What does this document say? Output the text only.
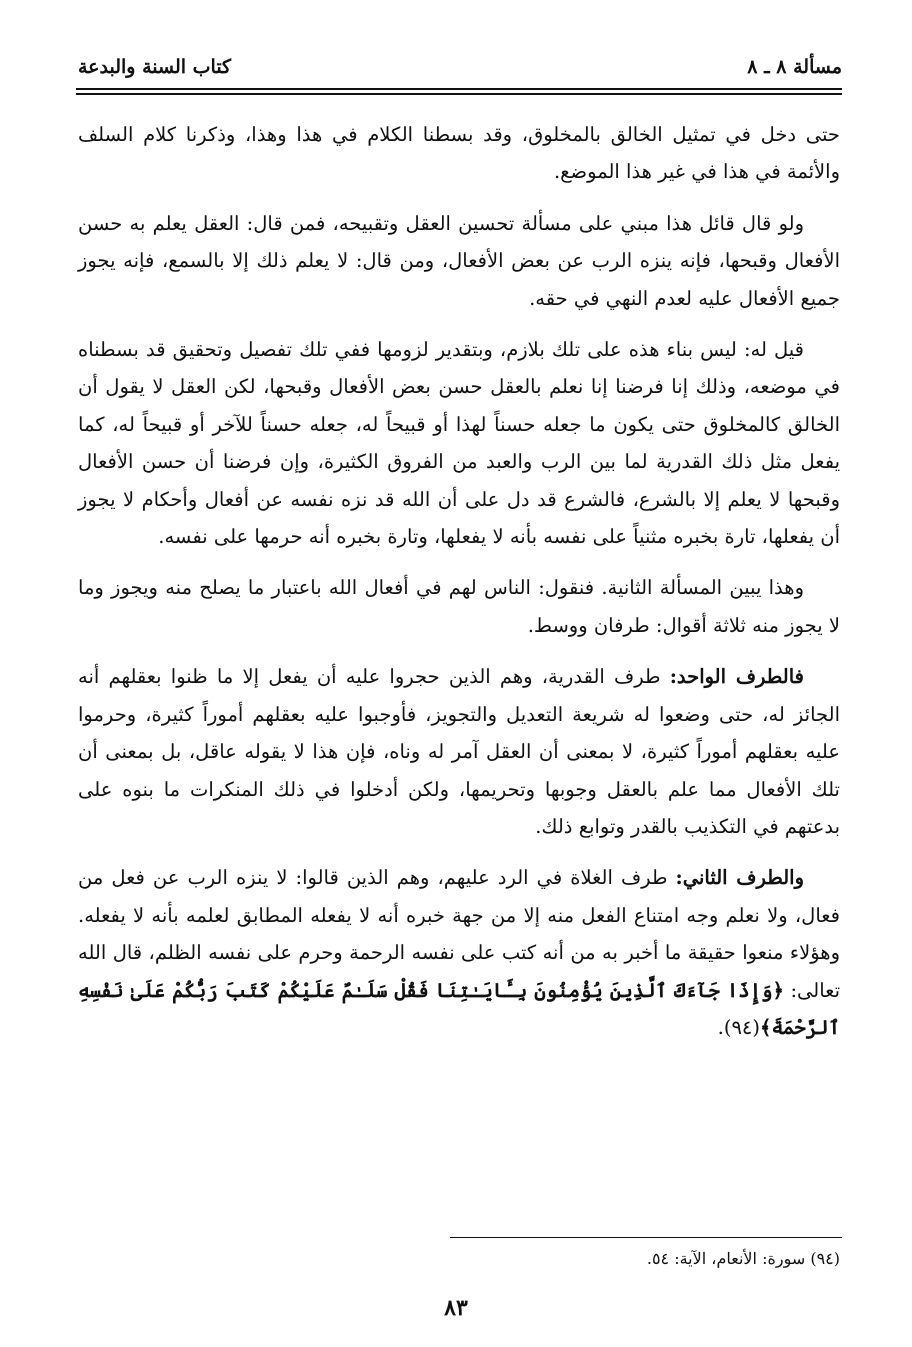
مسألة ٨ ـ ٨
كتاب السنة والبدعة

حتى دخل في تمثيل الخالق بالمخلوق، وقد بسطنا الكلام في هذا وهذا، وذكرنا كلام السلف والأئمة في هذا في غير هذا الموضع.

ولو قال قائل هذا مبني على مسألة تحسين العقل وتقبيحه، فمن قال: العقل يعلم به حسن الأفعال وقبحها، فإنه ينزه الرب عن بعض الأفعال، ومن قال: لا يعلم ذلك إلا بالسمع، فإنه يجوز جميع الأفعال عليه لعدم النهي في حقه.

قيل له: ليس بناء هذه على تلك بلازم، وبتقدير لزومها ففي تلك تفصيل وتحقيق قد بسطناه في موضعه، وذلك إنا فرضنا إنا نعلم بالعقل حسن بعض الأفعال وقبحها، لكن العقل لا يقول أن الخالق كالمخلوق حتى يكون ما جعله حسناً لهذا أو قبيحاً له، جعله حسناً للآخر أو قبيحاً له، كما يفعل مثل ذلك القدرية لما بين الرب والعبد من الفروق الكثيرة، وإن فرضنا أن حسن الأفعال وقبحها لا يعلم إلا بالشرع، فالشرع قد دل على أن الله قد نزه نفسه عن أفعال وأحكام لا يجوز أن يفعلها، تارة بخبره مثنياً على نفسه بأنه لا يفعلها، وتارة بخبره أنه حرمها على نفسه.

وهذا يبين المسألة الثانية. فنقول: الناس لهم في أفعال الله باعتبار ما يصلح منه ويجوز وما لا يجوز منه ثلاثة أقوال: طرفان ووسط.

فالطرف الواحد: طرف القدرية، وهم الذين حجروا عليه أن يفعل إلا ما ظنوا بعقلهم أنه الجائز له، حتى وضعوا له شريعة التعديل والتجويز، فأوجبوا عليه بعقلهم أموراً كثيرة، وحرموا عليه بعقلهم أموراً كثيرة، لا بمعنى أن العقل آمر له وناه، فإن هذا لا يقوله عاقل، بل بمعنى أن تلك الأفعال مما علم بالعقل وجوبها وتحريمها، ولكن أدخلوا في ذلك المنكرات ما بنوه على بدعتهم في التكذيب بالقدر وتوابع ذلك.

والطرف الثاني: طرف الغلاة في الرد عليهم، وهم الذين قالوا: لا ينزه الرب عن فعل من فعال، ولا نعلم وجه امتناع الفعل منه إلا من جهة خبره أنه لا يفعله المطابق لعلمه بأنه لا يفعله. وهؤلاء منعوا حقيقة ما أخبر به من أنه كتب على نفسه الرحمة وحرم على نفسه الظلم، قال الله تعالى: ﴿وَإِذَا جَآءَكَ ٱلَّذِينَ يُؤْمِنُونَ بِـَٔايَـٰتِنَا فَقُلْ سَلَـٰمٌ عَلَيْكُمْ كَتَبَ رَبُّكُمْ عَلَىٰ نَفْسِهِ ٱلرَّحْمَةَ﴾(٩٤).

(٩٤) سورة: الأنعام، الآية: ٥٤.
٨٣
